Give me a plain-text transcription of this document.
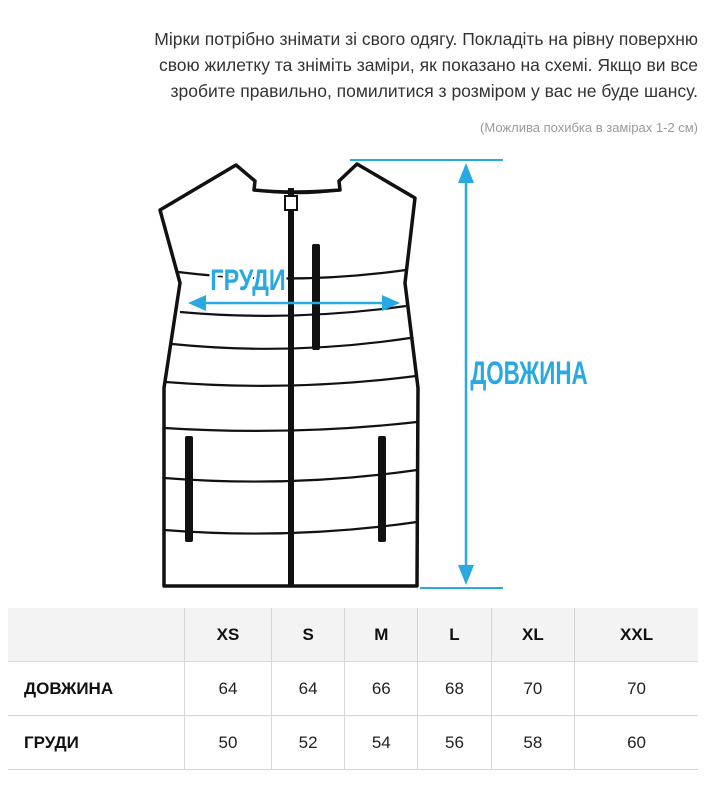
Мірки потрібно знімати зі свого одягу. Покладіть на рівну поверхню

свою жилетку та зніміть заміри, як показано на схемі. Якщо ви все

зробите правильно, помилитися з розміром у вас не буде шансу.

(Можлива похибка в замірах 1-2 см)
ГРУДИ
ДОВЖИНА
	XS	S	M	L	XL	XXL
ДОВЖИНА	64	64	66	68	70	70
ГРУДИ	50	52	54	56	58	60
